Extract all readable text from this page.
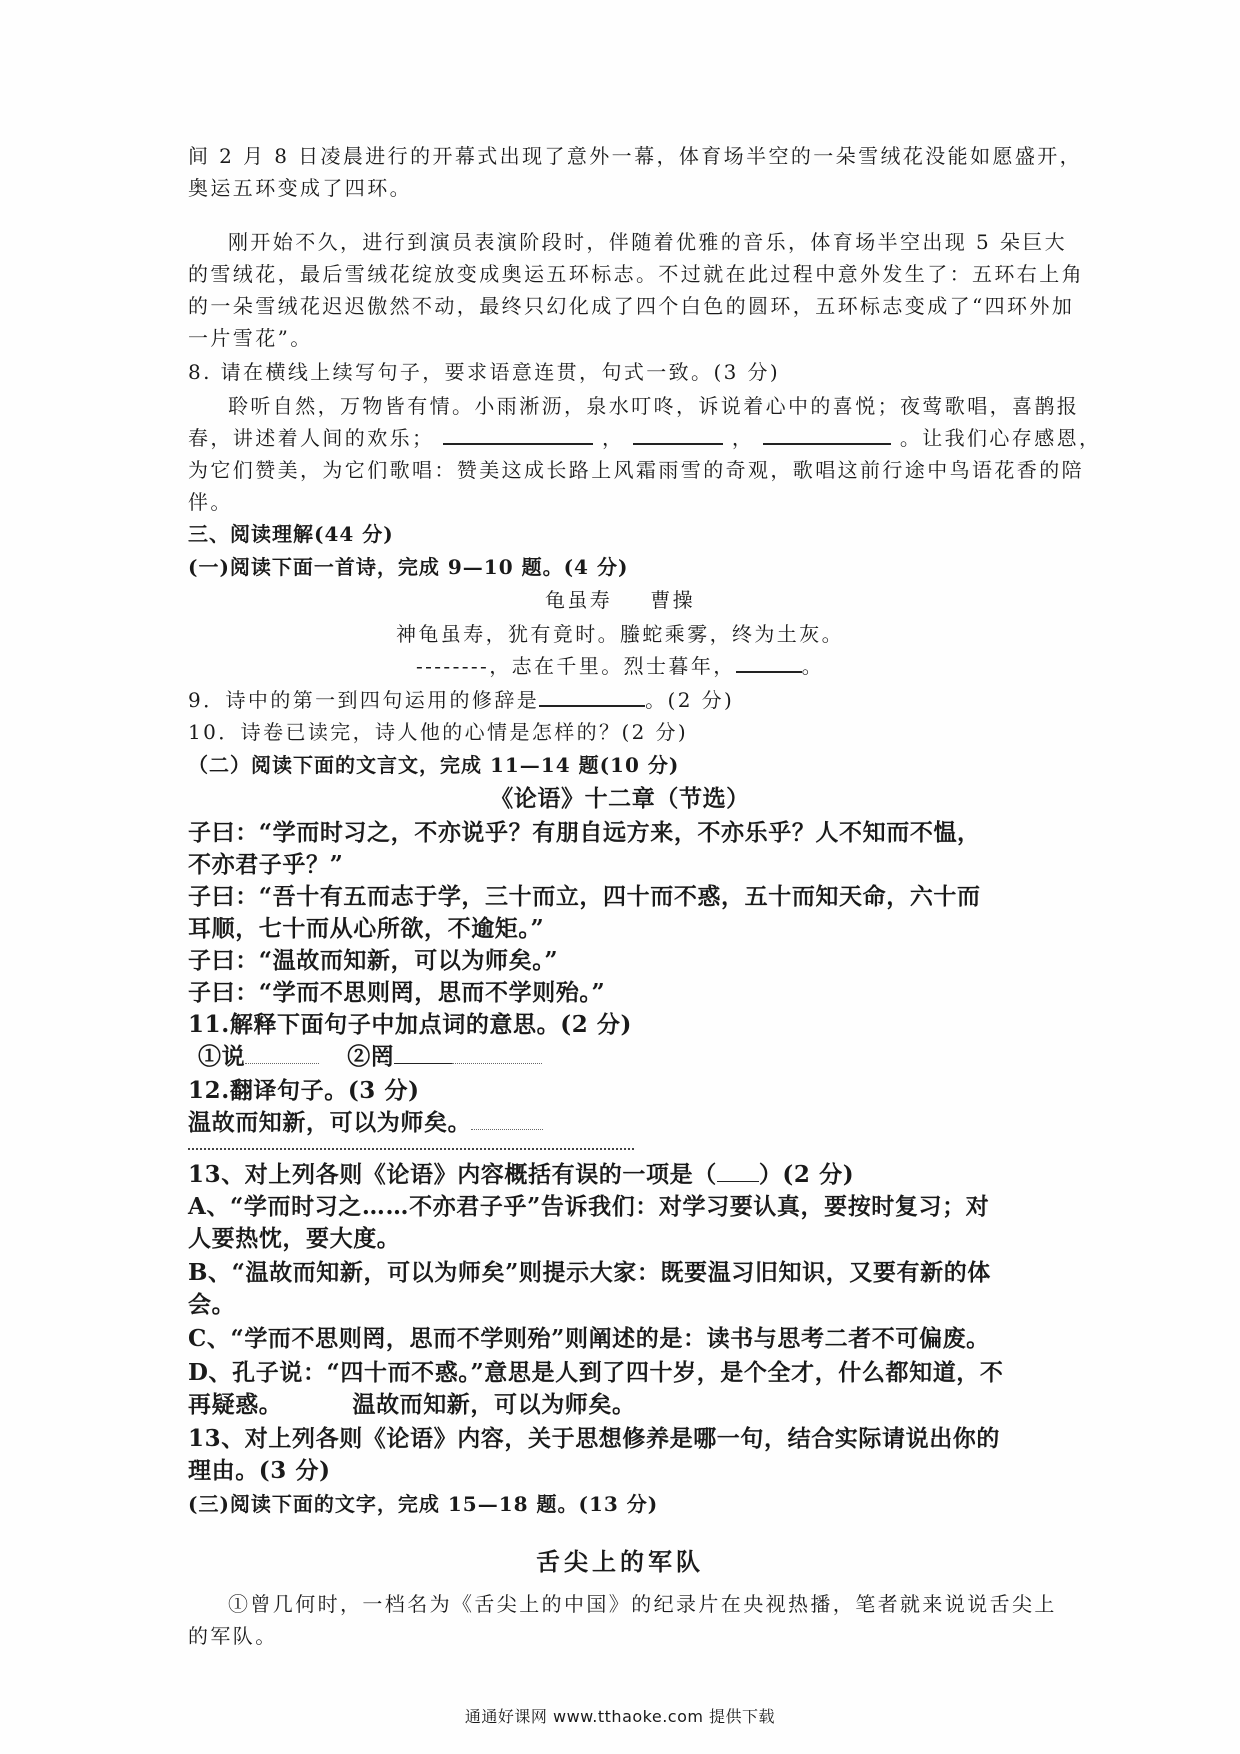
间 2 月 8 日凌晨进行的开幕式出现了意外一幕，体育场半空的一朵雪绒花没能如愿盛开，
奥运五环变成了四环。
刚开始不久，进行到演员表演阶段时，伴随着优雅的音乐，体育场半空出现 5 朵巨大
的雪绒花，最后雪绒花绽放变成奥运五环标志。不过就在此过程中意外发生了：五环右上角
的一朵雪绒花迟迟傲然不动，最终只幻化成了四个白色的圆环，五环标志变成了“四环外加
一片雪花”。
8. 请在横线上续写句子，要求语意连贯，句式一致。(3 分)
聆听自然，万物皆有情。小雨淅沥，泉水叮咚，诉说着心中的喜悦；夜莺歌唱，喜鹊报
春，讲述着人间的欢乐；	，	，	。让我们心存感恩，
为它们赞美，为它们歌唱：赞美这成长路上风霜雨雪的奇观，歌唱这前行途中鸟语花香的陪
伴。
三、阅读理解(44 分)
(一)阅读下面一首诗，完成 9—10 题。(4 分)
龟虽寿 曹操
神龟虽寿，犹有竟时。螣蛇乘雾，终为土灰。
--------，志在千里。烈士暮年，	。
9．诗中的第一到四句运用的修辞是	。(2 分)
10．诗卷已读完，诗人他的心情是怎样的？(2 分)
（二）阅读下面的文言文，完成 11—14 题(10 分)
《论语》十二章（节选）
子曰：“学而时习之，不亦说乎？有朋自远方来，不亦乐乎？人不知而不愠，
不亦君子乎？”
子曰：“吾十有五而志于学，三十而立，四十而不惑，五十而知天命，六十而
耳顺，七十而从心所欲，不逾矩。”
子曰：“温故而知新，可以为师矣。”
子曰：“学而不思则罔，思而不学则殆。”
11.解释下面句子中加点词的意思。(2 分)
①说	②罔
12.翻译句子。(3 分)
温故而知新，可以为师矣。
13、对上列各则《论语》内容概括有误的一项是（ ）(2 分)
A、“学而时习之……不亦君子乎”告诉我们：对学习要认真，要按时复习；对
人要热忱，要大度。
B、“温故而知新，可以为师矣”则提示大家：既要温习旧知识，又要有新的体
会。
C、“学而不思则罔，思而不学则殆”则阐述的是：读书与思考二者不可偏废。
D、孔子说：“四十而不惑。”意思是人到了四十岁，是个全才，什么都知道，不
再疑惑。	温故而知新，可以为师矣。
13、对上列各则《论语》内容，关于思想修养是哪一句，结合实际请说出你的
理由。(3 分)
(三)阅读下面的文字，完成 15—18 题。(13 分)
舌尖上的军队
①曾几何时，一档名为《舌尖上的中国》的纪录片在央视热播，笔者就来说说舌尖上
的军队。
通通好课网 www.tthaoke.com 提供下载
